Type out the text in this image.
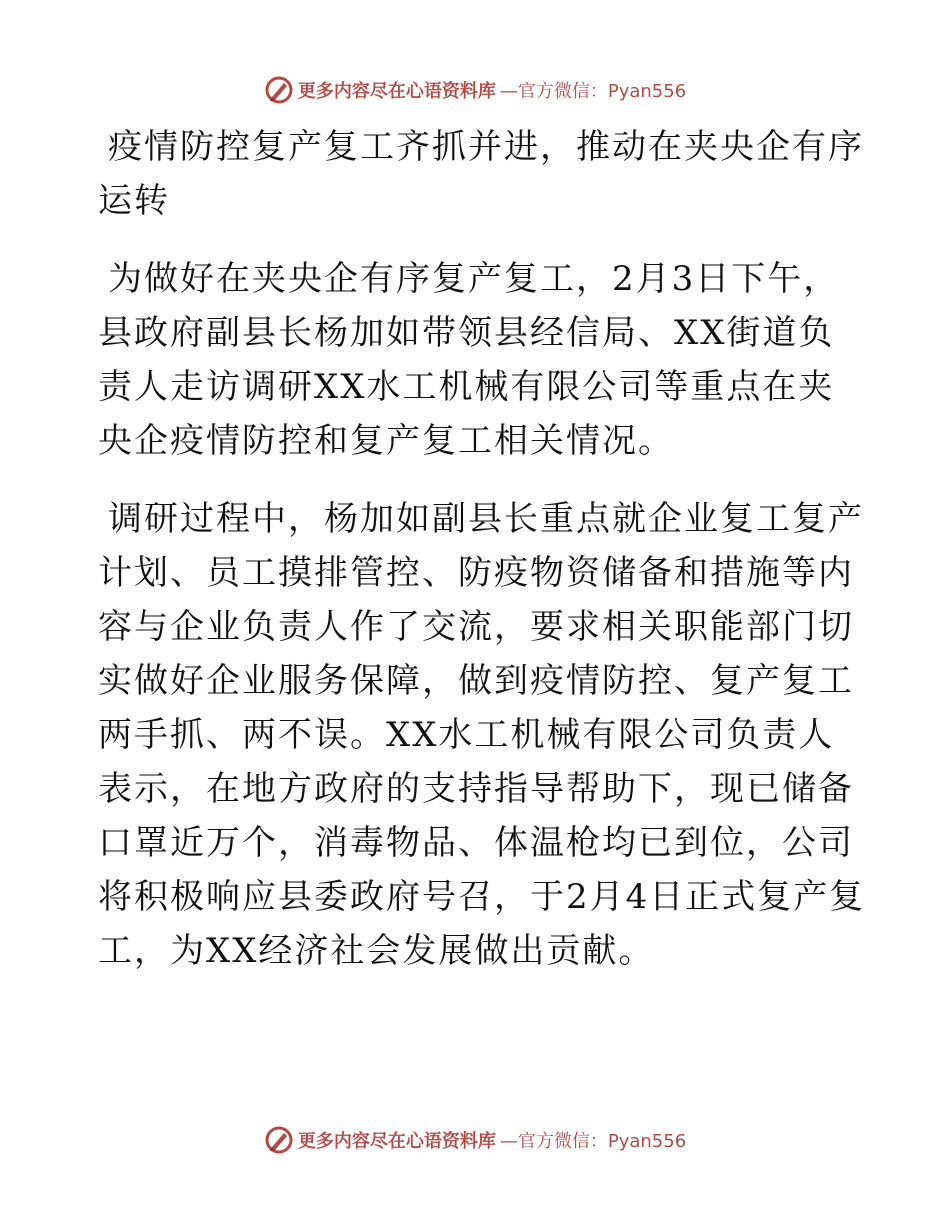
更多内容尽在心语资料库 —官方微信：Pyan556

疫情防控复产复工齐抓并进，推动在夹央企有序运转

为做好在夹央企有序复产复工，2月3日下午，县政府副县长杨加如带领县经信局、XX街道负责人走访调研XX水工机械有限公司等重点在夹央企疫情防控和复产复工相关情况。

调研过程中，杨加如副县长重点就企业复工复产计划、员工摸排管控、防疫物资储备和措施等内容与企业负责人作了交流，要求相关职能部门切实做好企业服务保障，做到疫情防控、复产复工两手抓、两不误。XX水工机械有限公司负责人表示，在地方政府的支持指导帮助下，现已储备口罩近万个，消毒物品、体温枪均已到位，公司将积极响应县委政府号召，于2月4日正式复产复工，为XX经济社会发展做出贡献。

更多内容尽在心语资料库 —官方微信：Pyan556
